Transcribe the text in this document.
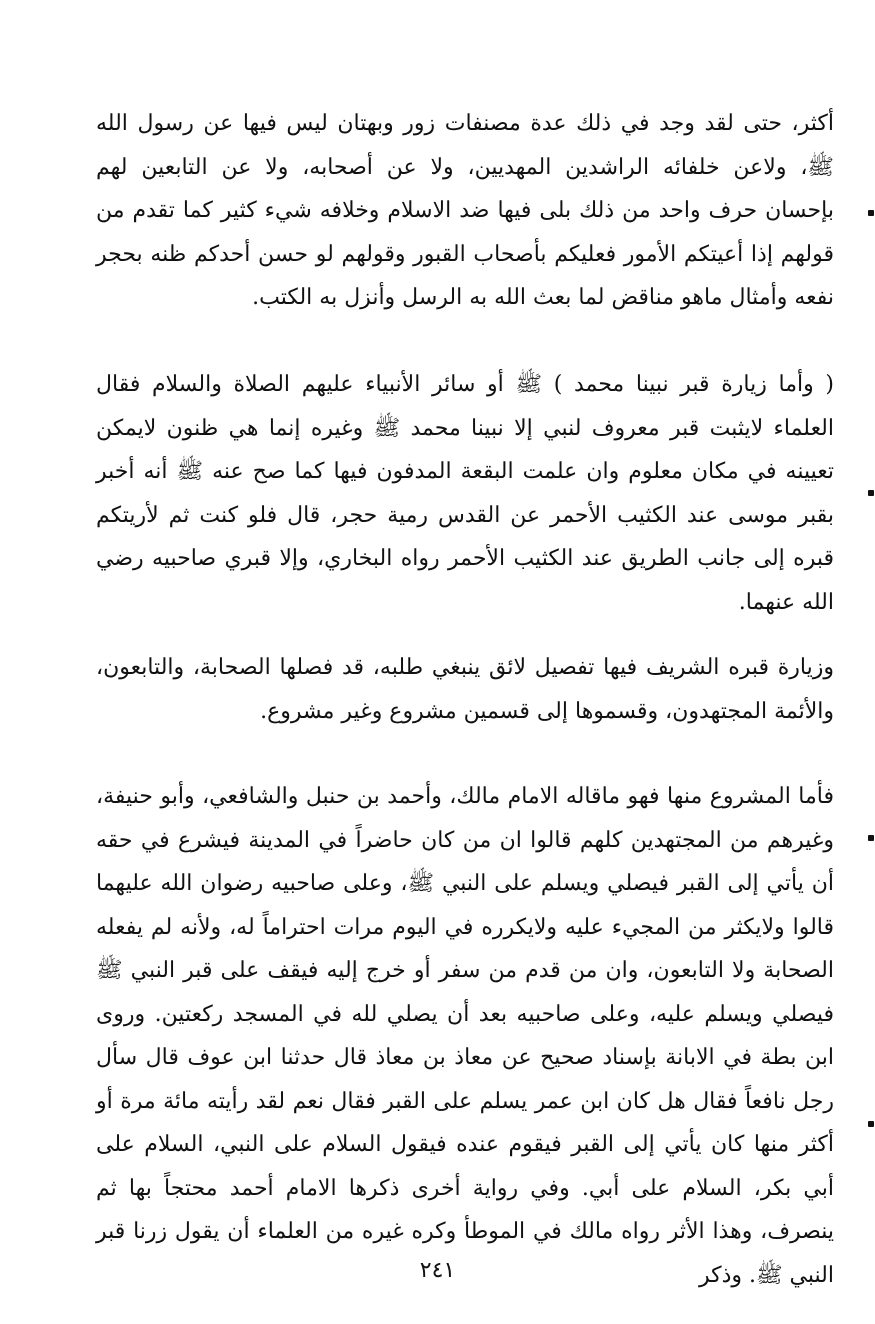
أكثر، حتى لقد وجد في ذلك عدة مصنفات زور وبهتان ليس فيها عن رسول الله ﷺ، ولاعن خلفائه الراشدين المهديين، ولا عن أصحابه، ولا عن التابعين لهم بإحسان حرف واحد من ذلك بلى فيها ضد الاسلام وخلافه شيء كثير كما تقدم من قولهم إذا أعيتكم الأمور فعليكم بأصحاب القبور وقولهم لو حسن أحدكم ظنه بحجر نفعه وأمثال ماهو مناقض لما بعث الله به الرسل وأنزل به الكتب.

( وأما زيارة قبر نبينا محمد ) ﷺ أو سائر الأنبياء عليهم الصلاة والسلام فقال العلماء لايثبت قبر معروف لنبي إلا نبينا محمد ﷺ وغيره إنما هي ظنون لايمكن تعيينه في مكان معلوم وان علمت البقعة المدفون فيها كما صح عنه ﷺ أنه أخبر بقبر موسى عند الكثيب الأحمر عن القدس رمية حجر، قال فلو كنت ثم لأريتكم قبره إلى جانب الطريق عند الكثيب الأحمر رواه البخاري، وإلا قبري صاحبيه رضي الله عنهما.

وزيارة قبره الشريف فيها تفصيل لائق ينبغي طلبه، قد فصلها الصحابة، والتابعون، والأئمة المجتهدون، وقسموها إلى قسمين مشروع وغير مشروع.

فأما المشروع منها فهو ماقاله الامام مالك، وأحمد بن حنبل والشافعي، وأبو حنيفة، وغيرهم من المجتهدين كلهم قالوا ان من كان حاضراً في المدينة فيشرع في حقه أن يأتي إلى القبر فيصلي ويسلم على النبي ﷺ، وعلى صاحبيه رضوان الله عليهما قالوا ولايكثر من المجيء عليه ولايكرره في اليوم مرات احتراماً له، ولأنه لم يفعله الصحابة ولا التابعون، وان من قدم من سفر أو خرج إليه فيقف على قبر النبي ﷺ فيصلي ويسلم عليه، وعلى صاحبيه بعد أن يصلي لله في المسجد ركعتين. وروى ابن بطة في الابانة بإسناد صحيح عن معاذ بن معاذ قال حدثنا ابن عوف قال سأل رجل نافعاً فقال هل كان ابن عمر يسلم على القبر فقال نعم لقد رأيته مائة مرة أو أكثر منها كان يأتي إلى القبر فيقوم عنده فيقول السلام على النبي، السلام على أبي بكر، السلام على أبي. وفي رواية أخرى ذكرها الامام أحمد محتجاً بها ثم ينصرف، وهذا الأثر رواه مالك في الموطأ وكره غيره من العلماء أن يقول زرنا قبر النبي ﷺ. وذكر

٢٤١
